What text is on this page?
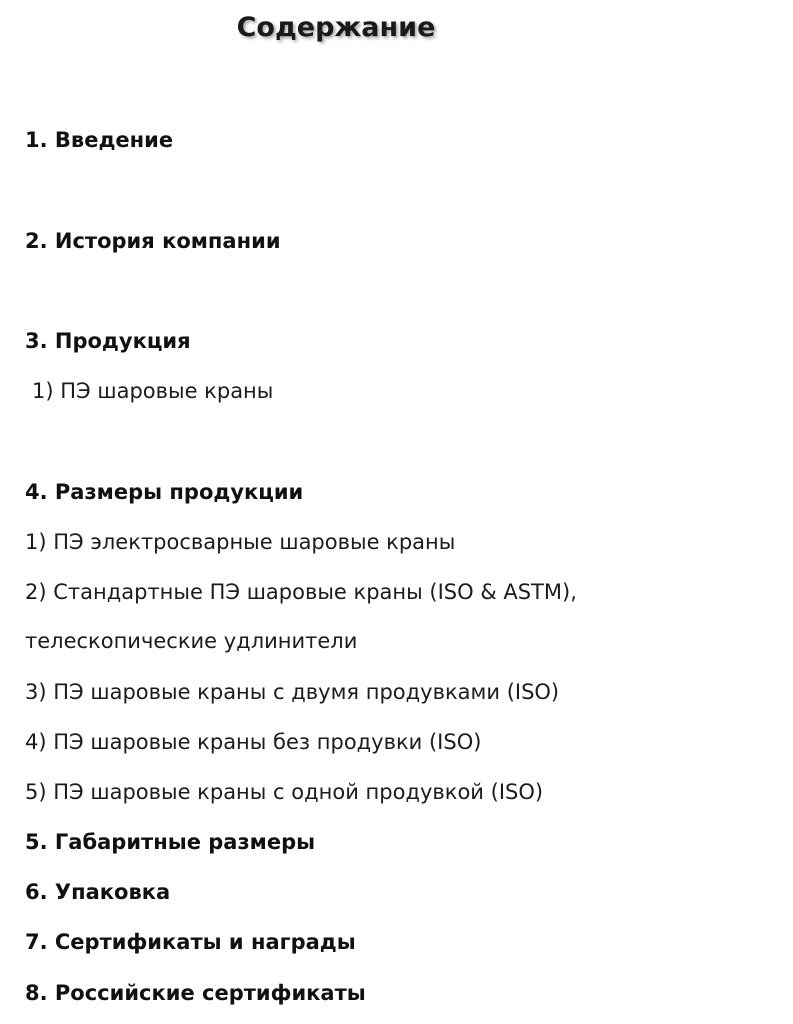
Содержание

1. Введение

2. История компании

3. Продукция

1) ПЭ шаровые краны

4. Размеры продукции

1) ПЭ электросварные шаровые краны

2) Стандартные ПЭ шаровые краны (ISO & ASTM),

телескопические удлинители

3) ПЭ шаровые краны с двумя продувками (ISO)

4) ПЭ шаровые краны без продувки (ISO)

5) ПЭ шаровые краны с одной продувкой (ISO)

5. Габаритные размеры

6. Упаковка

7. Сертификаты и награды

8. Российские сертификаты
